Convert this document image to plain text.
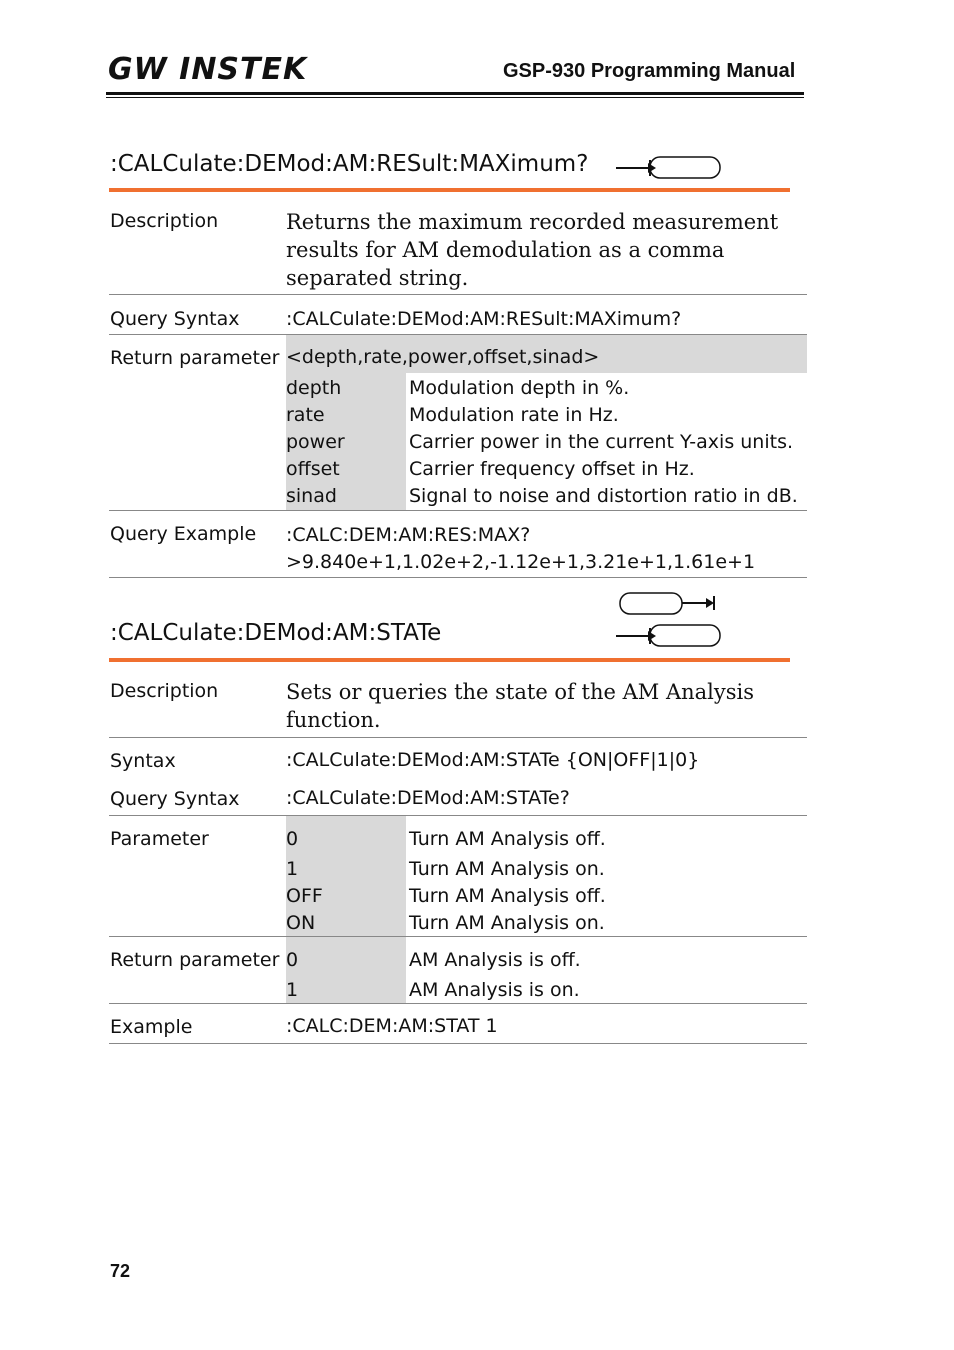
GW INSTEK	GSP-930 Programming Manual
:CALCulate:DEMod:AM:RESult:MAXimum?
Description	Returns the maximum recorded measurement
results for AM demodulation as a comma
separated string.
Query Syntax :CALCulate:DEMod:AM:RESult:MAXimum?
Return parameter <depth,rate,power,offset,sinad>
depth	Modulation depth in %.
rate	Modulation rate in Hz.
power	Carrier power in the current Y-axis units.
offset	Carrier frequency offset in Hz.
sinad	Signal to noise and distortion ratio in dB.
Query Example :CALC:DEM:AM:RES:MAX?
>9.840e+1,1.02e+2,-1.12e+1,3.21e+1,1.61e+1
:CALCulate:DEMod:AM:STATe
Description	Sets or queries the state of the AM Analysis
function.
Syntax	:CALCulate:DEMod:AM:STATe {ON|OFF|1|0}
Query Syntax :CALCulate:DEMod:AM:STATe?
Parameter	0	Turn AM Analysis off.
1	Turn AM Analysis on.
OFF	Turn AM Analysis off.
ON	Turn AM Analysis on.
Return parameter 0	AM Analysis is off.
1	AM Analysis is on.
Example	:CALC:DEM:AM:STAT 1
72
